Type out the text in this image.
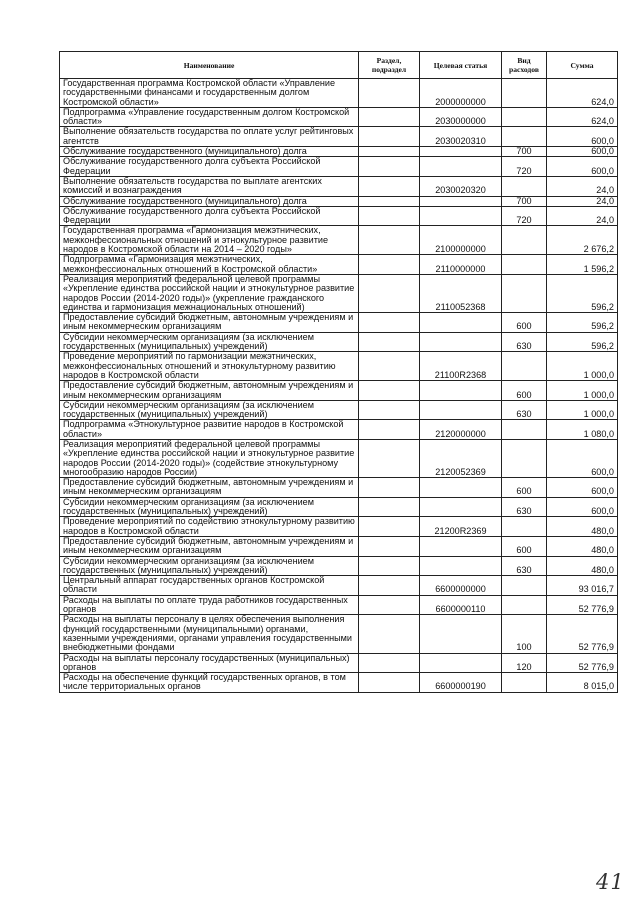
Наименование	Раздел, подраздел	Целевая статья	Вид расходов	Сумма
Государственная программа Костромской области «Управление государственными финансами и государственным долгом Костромской области»		2000000000		624,0
Подпрограмма «Управление государственным долгом Костромской области»		2030000000		624,0
Выполнение обязательств государства по оплате услуг рейтинговых агентств		2030020310		600,0
Обслуживание государственного (муниципального) долга			700	600,0
Обслуживание государственного долга субъекта Российской Федерации			720	600,0
Выполнение обязательств государства по выплате агентских комиссий и вознаграждения		2030020320		24,0
Обслуживание государственного (муниципального) долга			700	24,0
Обслуживание государственного долга субъекта Российской Федерации			720	24,0
Государственная программа «Гармонизация межэтнических, межконфессиональных отношений и этнокультурное развитие народов в Костромской области на 2014 – 2020 годы»		2100000000		2 676,2
Подпрограмма «Гармонизация межэтнических, межконфессиональных отношений в Костромской области»		2110000000		1 596,2
Реализация мероприятий федеральной целевой программы «Укрепление единства российской нации и этнокультурное развитие народов России (2014-2020 годы)» (укрепление гражданского единства и гармонизация межнациональных отношений)		2110052368		596,2
Предоставление субсидий бюджетным, автономным учреждениям и иным некоммерческим организациям			600	596,2
Субсидии некоммерческим организациям (за исключением государственных (муниципальных) учреждений)			630	596,2
Проведение мероприятий по гармонизации межэтнических, межконфессиональных отношений и этнокультурному развитию народов в Костромской области		21100R2368		1 000,0
Предоставление субсидий бюджетным, автономным учреждениям и иным некоммерческим организациям			600	1 000,0
Субсидии некоммерческим организациям (за исключением государственных (муниципальных) учреждений)			630	1 000,0
Подпрограмма «Этнокультурное развитие народов в Костромской области»		2120000000		1 080,0
Реализация мероприятий федеральной целевой программы «Укрепление единства российской нации и этнокультурное развитие народов России (2014-2020 годы)» (содействие этнокультурному многообразию народов России)		2120052369		600,0
Предоставление субсидий бюджетным, автономным учреждениям и иным некоммерческим организациям			600	600,0
Субсидии некоммерческим организациям (за исключением государственных (муниципальных) учреждений)			630	600,0
Проведение мероприятий по содействию этнокультурному развитию народов в Костромской области		21200R2369		480,0
Предоставление субсидий бюджетным, автономным учреждениям и иным некоммерческим организациям			600	480,0
Субсидии некоммерческим организациям (за исключением государственных (муниципальных) учреждений)			630	480,0
Центральный аппарат государственных органов Костромской области		6600000000		93 016,7
Расходы на выплаты по оплате труда работников государственных органов		6600000110		52 776,9
Расходы на выплаты персоналу в целях обеспечения выполнения функций государственными (муниципальными) органами, казенными учреждениями, органами управления государственными внебюджетными фондами			100	52 776,9
Расходы на выплаты персоналу государственных (муниципальных) органов			120	52 776,9
Расходы на обеспечение функций государственных органов, в том числе территориальных органов		6600000190		8 015,0
41
